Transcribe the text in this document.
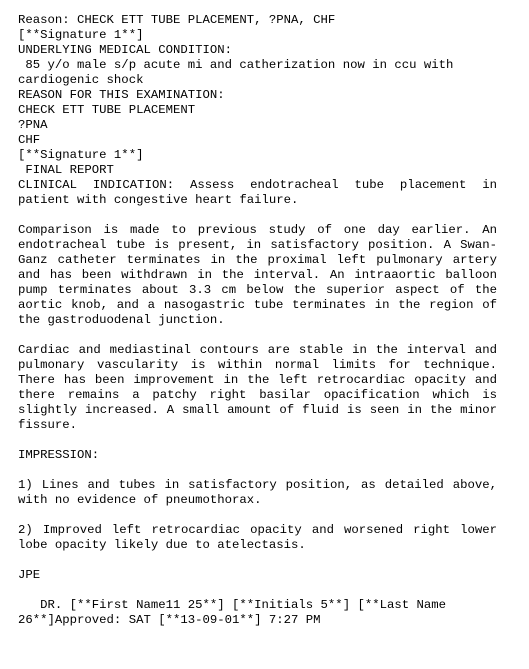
Reason: CHECK ETT TUBE PLACEMENT, ?PNA, CHF
[**Signature 1**]
UNDERLYING MEDICAL CONDITION:
85 y/o male s/p acute mi and catherization now in ccu with
cardiogenic shock
REASON FOR THIS EXAMINATION:
CHECK ETT TUBE PLACEMENT
?PNA
CHF
[**Signature 1**]
FINAL REPORT

CLINICAL INDICATION: Assess endotracheal tube placement in patient with congestive heart failure.

Comparison is made to previous study of one day earlier. An endotracheal tube is present, in satisfactory position. A Swan-Ganz catheter terminates in the proximal left pulmonary artery and has been withdrawn in the interval. An intraaortic balloon pump terminates about 3.3 cm below the superior aspect of the aortic knob, and a nasogastric tube terminates in the region of the gastroduodenal junction.

Cardiac and mediastinal contours are stable in the interval and pulmonary vascularity is within normal limits for technique. There has been improvement in the left retrocardiac opacity and there remains a patchy right basilar opacification which is slightly increased. A small amount of fluid is seen in the minor fissure.

IMPRESSION:

1) Lines and tubes in satisfactory position, as detailed above, with no evidence of pneumothorax.

2) Improved left retrocardiac opacity and worsened right lower lobe opacity likely due to atelectasis.

JPE
DR. [**First Name11 25**] [**Initials 5**] [**Last Name
26**]Approved: SAT [**13-09-01**] 7:27 PM
